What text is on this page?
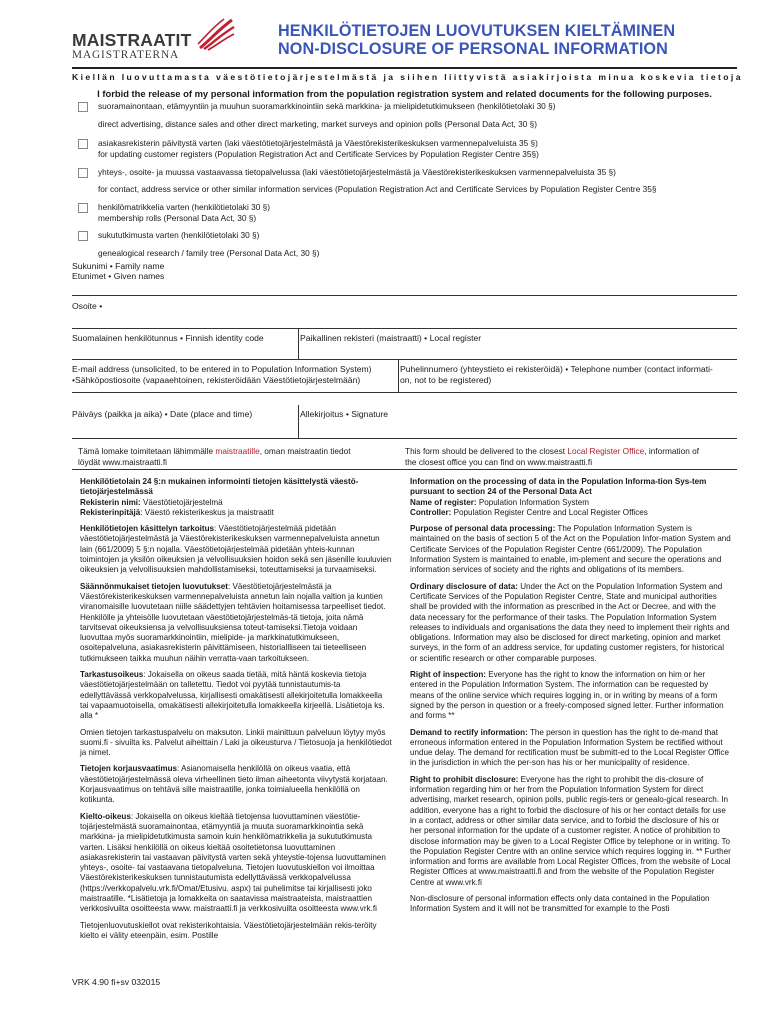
MAISTRAATIT
MAGISTRATERNA
HENKILÖTIETOJEN LUOVUTUKSEN KIELTÄMINEN
NON-DISCLOSURE OF PERSONAL INFORMATION
Kiellän luovuttamasta väestötietojärjestelmästä ja siihen liittyvistä asiakirjoista minua koskevia tietoja
I forbid the release of my personal information from the population registration system and related documents for the following purposes.
suoramainontaan, etämyyntiin ja muuhun suoramarkkinointiin sekä markkina- ja mielipidetutkimukseen (henkilötietolaki 30 §)
direct advertising, distance sales and other direct marketing, market surveys and opinion polls (Personal Data Act, 30 §)
asiakasrekisterin päivitystä varten (laki väestötietojärjestelmästä ja Väestörekisterikeskuksen varmennepalveluista 35 §)
for updating customer registers (Population Registration Act and Certificate Services by Population Register Centre 35§)
yhteys-, osoite- ja muussa vastaavassa tietopalvelussa (laki väestötietojärjestelmästä ja Väestörekisterikeskuksen varmennepalveluista 35 §)
for contact, address service or other similar information services (Population Registration Act and Certificate Services by Population Register Centre 35§
henkilömatrikkelia varten (henkilötietolaki 30 §)
membership rolls (Personal Data Act, 30 §)
sukututkimusta varten (henkilötietolaki 30 §)
genealogical research / family tree (Personal Data Act, 30 §)
Sukunimi • Family name
Etunimet • Given names
Osoite •
Suomalainen henkilötunnus • Finnish identity code	Paikallinen rekisteri (maistraatti) • Local register
E-mail address (unsolicited, to be entered in to Population Information System)
•Sähköpostiosoite (vapaaehtoinen, rekisteröidään Väestötietojärjestelmään)
Puhelinnumero (yhteystieto ei rekisteröidä) • Telephone number (contact informati-
on, not to be registered)
Päiväys (paikka ja aika) • Date (place and time)	Allekirjoitus • Signature
Tämä lomake toimitetaan lähimmälle maistraatille, oman maistraatin tiedot
löydät www.maistraatti.fi
This form should be delivered to the closest Local Register Office, information of
the closest office you can find on www.maistraatti.fi

Henkilötietolain 24 §:n mukainen informointi tietojen käsittelystä väestö-tietojärjestelmässä
Rekisterin nimi: Väestötietojärjestelmä
Rekisterinpitäjä: Väestö rekisterikeskus ja maistraatit

Henkilötietojen käsittelyn tarkoitus: Väestötietojärjestelmää pidetään väestötietojärjestelmästä ja Väestörekisterikeskuksen varmennepalveluista annetun lain (661/2009) 5 §:n nojalla. Väestötietojärjestelmää pidetään yhteis-kunnan toimintojen ja yksilön oikeuksien ja velvollisuuksien hoidon sekä sen jäsenille kuuluvien oikeuksien ja velvollisuuksien mahdollistamiseksi, toteuttamiseksi ja turvaamiseksi.

Säännönmukaiset tietojen luovutukset: Väestötietojärjestelmästä ja Väestörekisterikeskuksen varmennepalveluista annetun lain nojalla valtion ja kuntien viranomaisille luovutetaan niille säädettyjen tehtävien hoitamisessa tarpeelliset tiedot. Henkilölle ja yhteisölle luovutetaan väestötietojärjestelmäs-tä tietoja, joita nämä tarvitsevat oikeuksiensa ja velvollisuuksiensa toteut-tamiseksi.Tietoja voidaan luovuttaa myös suoramarkkinointiin, mielipide- ja markkinatutkimukseen, osoitepalveluna, asiakasrekisterin päivittämiseen, historiallliseen tai tieteelliseen tutkimukseen taikka muuhun näihin verratta-vaan tarkoitukseen.

Tarkastusoikeus: Jokaisella on oikeus saada tietää, mitä häntä koskevia tietoja väestötietojärjestelmään on talletettu. Tiedot voi pyytää tunnistautumis-ta edellyttävässä verkkopalvelussa, kirjallisesti omakätisesti allekirjoitetulla lomakkeella tai vapaamuotoisella, omakätisesti allekirjoitetulla lomakkeella kirjeellä. Lisätietoja ks. alla *

Omien tietojen tarkastuspalvelu on maksuton. Linkii mainittuun palveluun löytyy myös suomi.fi - sivuilta ks. Palvelut aiheittain / Laki ja oikeusturva / Tietosuoja ja henkilötiedot ja nimet.

Tietojen korjausvaatimus: Asianomaisella henkilöllä on oikeus vaatia, että väestötietojärjestelmässä oleva virheellinen tieto ilman aiheetonta viivytystä korjataan. Korjausvaatimus on tehtävä sille maistraatille, jonka toimialueella henkilöllä on kotikunta.

Kielto-oikeus: Jokaisella on oikeus kieltää tietojensa luovuttaminen väestötie-tojärjestelmästä suoramainontaa, etämyyntiä ja muuta suoramarkkinointia sekä markkina- ja mielipidetutkimusta samoin kuin henkilömatrikkelia ja sukututkimusta varten. Lisäksi henkilöllä on oikeus kieltää osoitetietonsa luovuttaminen asiakasrekisterin tai vastaavan päivitystä varten sekä yhteystie-tojensa luovuttaminen yhteys-, osoite- tai vastaavana tietopalveluna. Tietojen luovutuskiellon voi ilmoittaa Väestörekisterikeskuksen tunnistautumista edellyttävässä verkkopalvelussa (https://verkkopalvelu.vrk.fi/Omat/Etusivu. aspx) tai puhelimitse tai kirjallisesti joko maistraatille. *Lisätietoja ja lomakkeita on saatavissa maistraateista, maistraattien verkkosivuilta osoitteesta www. maistraatti.fi ja verkkosivuilta osoitteesta www.vrk.fi

Tietojenluovutuskiellot ovat rekisterikohtaisia. Väestötietojärjestelmään rekis-teröity kielto ei välity eteenpäin, esim. Postille

Information on the processing of data in the Population Informa-tion Sys-tem pursuant to section 24 of the Personal Data Act
Name of register: Population Information System
Controller: Population Register Centre and Local Register Offices

Purpose of personal data processing: The Population Information System is maintained on the basis of section 5 of the Act on the Population Infor-mation System and Certificate Services of the Population Register Centre (661/2009). The Population Information System is maintained to enable, im-plement and secure the operations and information services of society and the rights and obligations of its members.

Ordinary disclosure of data: Under the Act on the Population Information System and Certificate Services of the Population Register Centre, State and municipal authorities shall be provided with the information as prescribed in the Act or Decree, and with the data necessary for the performance of their tasks. The Population Information System releases to individuals and organisations the data they need to implement their rights and obligations. Information may also be disclosed for direct marketing, opinion and market surveys, in the form of an address service, for updating customer registers, for historical or scientific research or other comparable purposes.

Right of inspection: Everyone has the right to know the information on him or her entered in the Population Information System. The information can be requested by means of the online service which requires logging in, or in writing by means of a form signed by the person in question or a freely-composed signed letter. Further information and forms **

Demand to rectify information: The person in question has the right to de-mand that erroneous information entered in the Population Information System be rectified without undue delay. The demand for rectification must be submitt-ed to the Local Register Office in the jurisdiction in which the per-son has his or her municipality of residence.

Right to prohibit disclosure: Everyone has the right to prohibit the dis-closure of information regarding him or her from the Population Information System for direct advertising, market research, opinion polls, public regis-ters or genealo-gical research. In addition, everyone has a right to forbid the disclosure of his or her contact details for use in a contact, address or other similar data service, and to forbid the disclosure of his or her personal information for the update of a customer register. A notice of prohibition to disclose information may be given to a Local Register Office by telephone or in writing. To the Population Register Centre with an online service which requires logging in. ** Further information and forms are available from Local Register Offices, from the website of Local Register Offices at www.maistraatti.fi and from the website of the Population Register Centre at www.vrk.fi

Non-disclosure of personal information effects only data contained in the Population Information System and it will not be transmitted for example to the Posti

VRK 4.90 fi+sv 032015
